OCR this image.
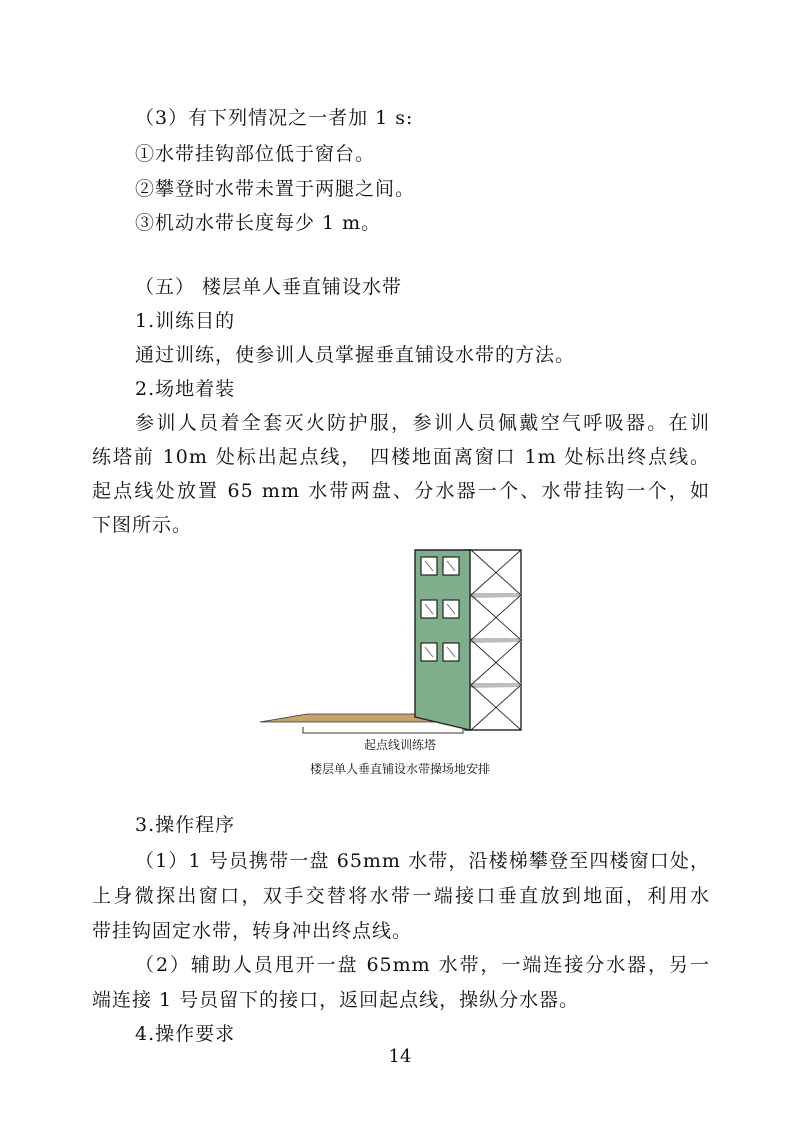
（3）有下列情况之一者加 1 s:
①水带挂钩部位低于窗台。
②攀登时水带未置于两腿之间。
③机动水带长度每少 1 m。
（五） 楼层单人垂直铺设水带
1.训练目的
通过训练，使参训人员掌握垂直铺设水带的方法。
2.场地着装
参训人员着全套灭火防护服，参训人员佩戴空气呼吸器。在训
练塔前 10m 处标出起点线， 四楼地面离窗口 1m 处标出终点线。
起点线处放置 65 mm 水带两盘、分水器一个、水带挂钩一个，如
下图所示。
起点线训练塔
楼层单人垂直铺设水带操场地安排
3.操作程序
（1）1 号员携带一盘 65mm 水带，沿楼梯攀登至四楼窗口处，
上身微探出窗口，双手交替将水带一端接口垂直放到地面，利用水
带挂钩固定水带，转身冲出终点线。
（2）辅助人员甩开一盘 65mm 水带，一端连接分水器，另一
端连接 1 号员留下的接口，返回起点线，操纵分水器。
4.操作要求
14
